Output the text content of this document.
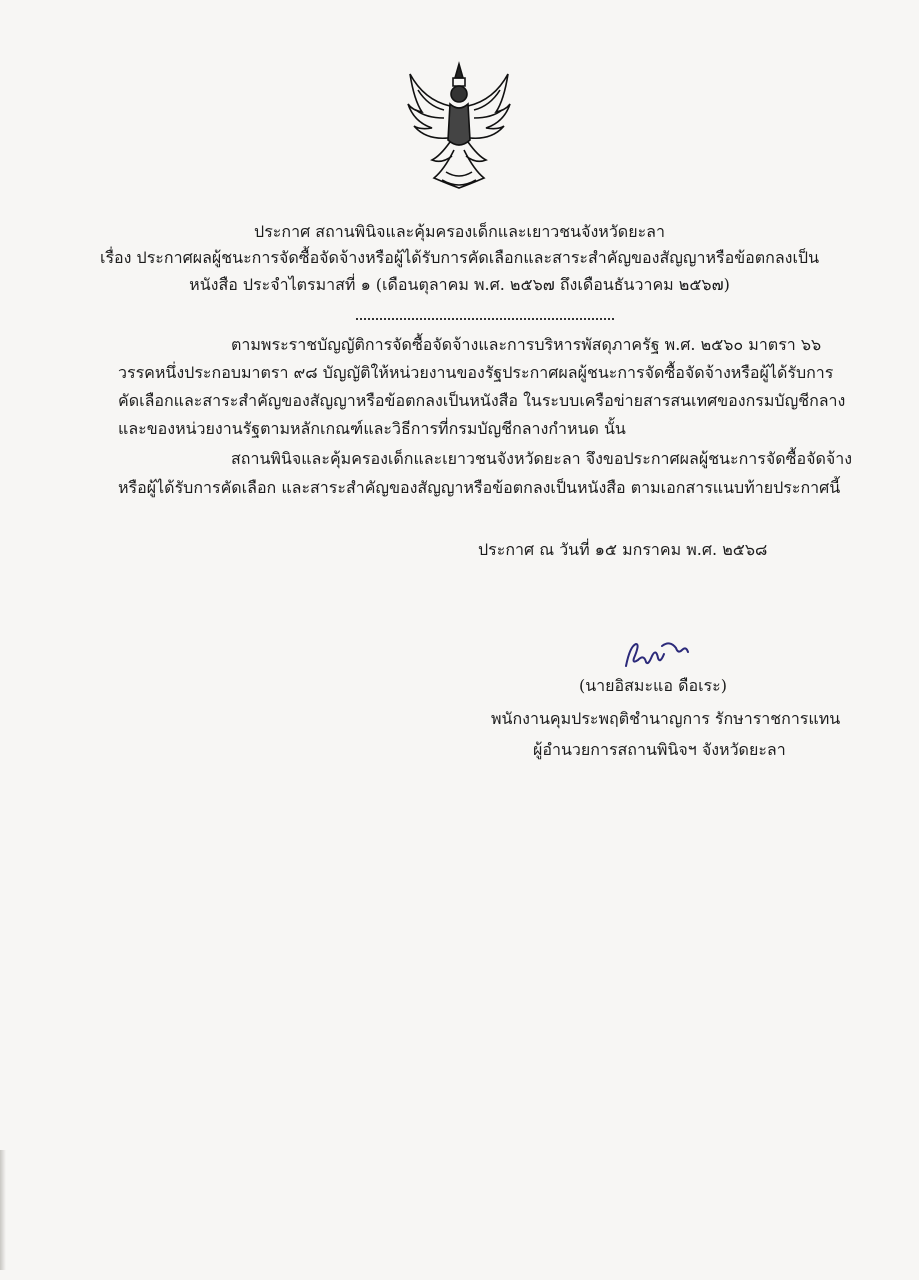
ประกาศ สถานพินิจและคุ้มครองเด็กและเยาวชนจังหวัดยะลา
เรื่อง ประกาศผลผู้ชนะการจัดซื้อจัดจ้างหรือผู้ได้รับการคัดเลือกและสาระสำคัญของสัญญาหรือข้อตกลงเป็น
หนังสือ ประจำไตรมาสที่ ๑ (เดือนตุลาคม พ.ศ. ๒๕๖๗ ถึงเดือนธันวาคม ๒๕๖๗)
ตามพระราชบัญญัติการจัดซื้อจัดจ้างและการบริหารพัสดุภาครัฐ พ.ศ. ๒๕๖๐ มาตรา ๖๖
วรรคหนึ่งประกอบมาตรา ๙๘ บัญญัติให้หน่วยงานของรัฐประกาศผลผู้ชนะการจัดซื้อจัดจ้างหรือผู้ได้รับการ
คัดเลือกและสาระสำคัญของสัญญาหรือข้อตกลงเป็นหนังสือ ในระบบเครือข่ายสารสนเทศของกรมบัญชีกลาง
และของหน่วยงานรัฐตามหลักเกณฑ์และวิธีการที่กรมบัญชีกลางกำหนด นั้น
สถานพินิจและคุ้มครองเด็กและเยาวชนจังหวัดยะลา จึงขอประกาศผลผู้ชนะการจัดซื้อจัดจ้าง
หรือผู้ได้รับการคัดเลือก และสาระสำคัญของสัญญาหรือข้อตกลงเป็นหนังสือ ตามเอกสารแนบท้ายประกาศนี้
ประกาศ ณ วันที่ ๑๕ มกราคม พ.ศ. ๒๕๖๘
(นายอิสมะแอ ดือเระ)
พนักงานคุมประพฤติชำนาญการ รักษาราชการแทน
ผู้อำนวยการสถานพินิจฯ จังหวัดยะลา
